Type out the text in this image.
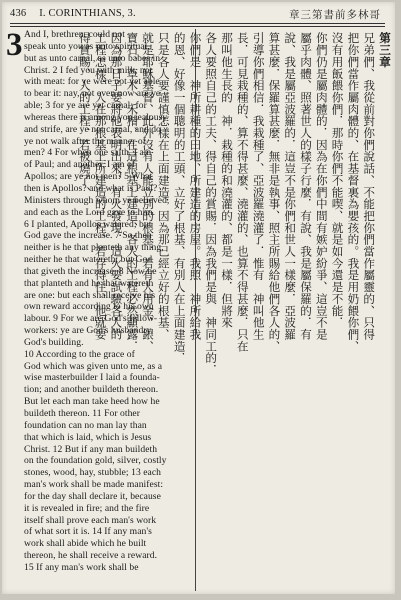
436 I. CORINTHIANS, 3.	章三第書前多林哥
3 And I, brethren, could not
speak unto you as unto spiritual,
but as unto carnal, as unto babes in
Christ. 2 I fed you with milk, not
with meat: for ye were not yet able
to bear it: nay, not even now are ye
able; 3 for ye are yet carnal: for
whereas there is among you jealousy
and strife, are ye not carnal, and do
ye not walk after the manner of
men? 4 For when one saith, I am
of Paul; and another, I am of
Apollos; are ye not men? 5 What
then is Apollos? and what is Paul?
Ministers through whom ye believed,
and each as the Lord gave to him.
6 I planted, Apollos watered; but
God gave the increase. 7 So then
neither is he that planteth any thing,
neither he that watereth; but God
that giveth the increase. 8 Now he
that planteth and he that watereth
are one: but each shall receive his
own reward according to his own
labour. 9 For we are God's fellow-
workers: ye are God's husbandry,
God's building.
10 According to the grace of
God which was given unto me, as a
wise masterbuilder I laid a founda-
tion; and another buildeth thereon.
But let each man take heed how he
buildeth thereon. 11 For other
foundation can no man lay than
that which is laid, which is Jesus
Christ. 12 But if any man buildeth
on the foundation gold, silver, costly
stones, wood, hay, stubble; 13 each
man's work shall be made manifest:
for the day shall declare it, because
it is revealed in fire; and the fire
itself shall prove each man's work
of what sort it is. 14 If any man's
work shall abide which he built
thereon, he shall receive a reward.
15 If any man's work shall be
第三章
兄弟們、我從前對你們說話、不能把你們當作屬靈的、只得
把你們當作屬肉體的、在基督裏為嬰孩的。我是用奶餵你們、
沒有用飯餵你們．那時你們不能喫、就是如今還是不能．
你們仍是屬肉體的．因為在你們中間有嫉妒紛爭、這豈不是
屬乎肉體、照著世人的樣子行麼．有說、我是屬保羅的．有
說、我是屬亞波羅的．這豈不是你們和世人一樣麼．亞波羅
算甚麼．保羅算甚麼．無非是執事、照主所賜給他們各人的、
引導你們相信．我栽種了、亞波羅澆灌了．惟有　神叫他生
長．可見栽種的、算不得甚麼、澆灌的、也算不得甚麼．只在
那叫他生長的　神．栽種的和澆灌的、都是一樣．但將來
各人要照自己的工夫、得自己的賞賜．因為我們是與　神同工的．
你們是　神所耕種的田地、所建造的房屋。我照　神所給我
的恩、好像一個聰明的工頭、立好了根基、有別人在上面建造．
只是各人要謹慎怎樣在上面建造．因為那已經立好的根基、
就是耶穌基督、此外沒有人能立別的根基．若有人用金、銀、
寶石、草木、禾稭、在這根基上建造、各人的工程必然顯露．
因為那日子要將他表明出來、有火發現．這火要試驗各人的
工程怎樣．人在那根基上所建造的工程、若存得住、他就要
得賞賜．人的工程、若被燒了、
